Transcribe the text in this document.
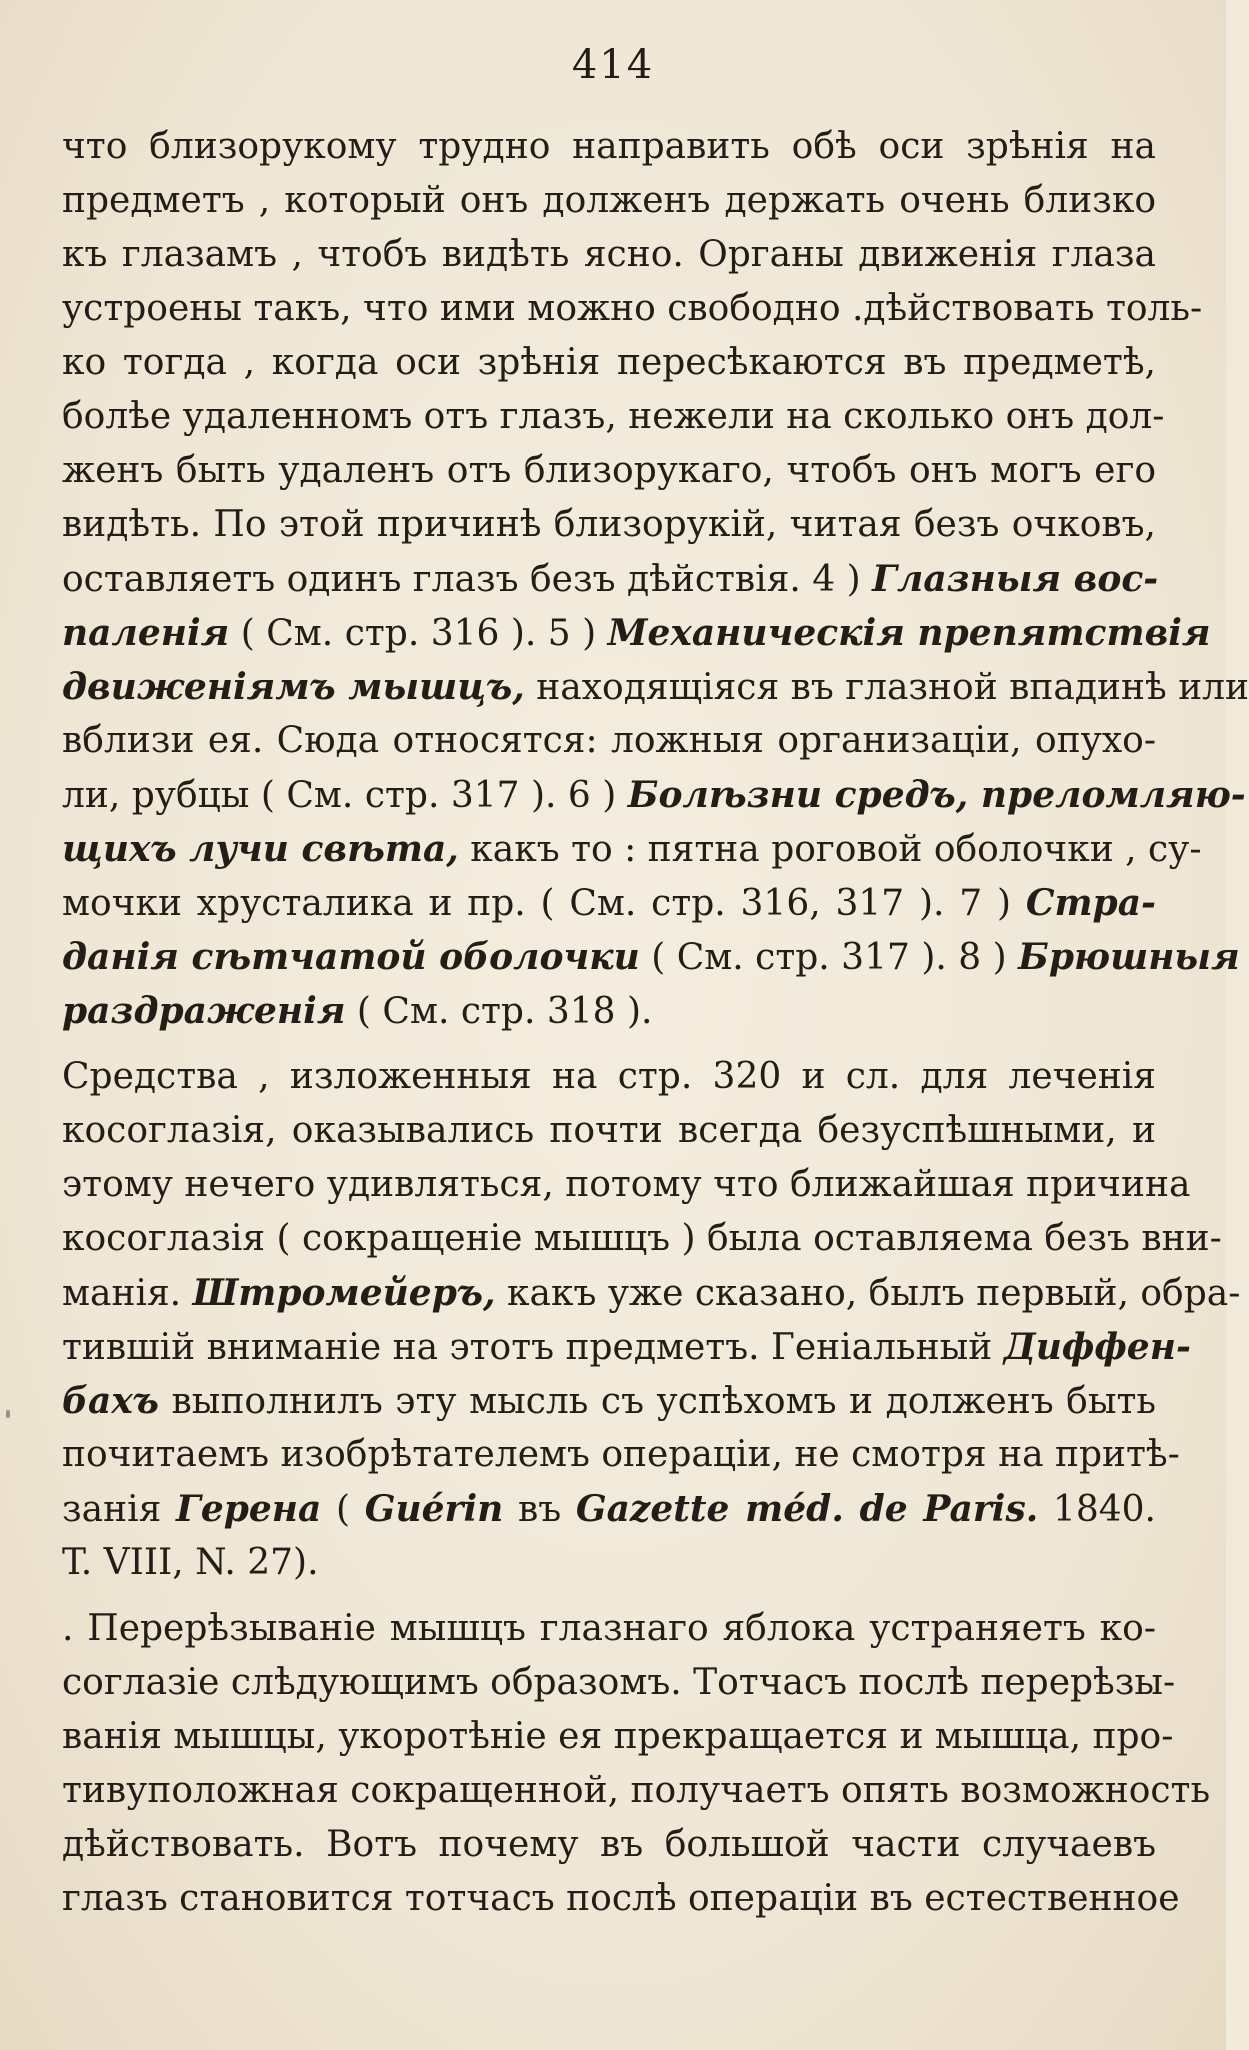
414
что близорукому трудно направить обѣ оси зрѣнія на
предметъ , который онъ долженъ держать очень близко
къ глазамъ , чтобъ видѣть ясно. Органы движенія глаза
устроены такъ, что ими можно свободно .дѣйствовать толь-
ко тогда , когда оси зрѣнія пересѣкаются въ предметѣ,
болѣе удаленномъ отъ глазъ, нежели на сколько онъ дол-
женъ быть удаленъ отъ близорукаго, чтобъ онъ могъ его
видѣть. По этой причинѣ близорукій, читая безъ очковъ,
оставляетъ одинъ глазъ безъ дѣйствія. 4 ) Глазныя вос-
паленія ( См. стр. 316 ). 5 ) Механическія препятствія
движеніямъ мышцъ, находящіяся въ глазной впадинѣ или
вблизи ея. Сюда относятся: ложныя организаціи, опухо-
ли, рубцы ( См. стр. 317 ). 6 ) Болѣзни средъ, преломляю-
щихъ лучи свѣта, какъ то : пятна роговой оболочки , су-
мочки хрусталика и пр. ( См. стр. 316, 317 ). 7 ) Стра-
данія сѣтчатой оболочки ( См. стр. 317 ). 8 ) Брюшныя
раздраженія ( См. стр. 318 ).
Средства , изложенныя на стр. 320 и сл. для леченія
косоглазія, оказывались почти всегда безуспѣшными, и
этому нечего удивляться, потому что ближайшая причина
косоглазія ( сокращеніе мышцъ ) была оставляема безъ вни-
манія. Штромейеръ, какъ уже сказано, былъ первый, обра-
тившій вниманіе на этотъ предметъ. Геніальный Диффен-
бахъ выполнилъ эту мысль съ успѣхомъ и долженъ быть
почитаемъ изобрѣтателемъ операціи, не смотря на притѣ-
занія Герена ( Guérin въ Gazette méd. de Paris. 1840.
T. VIII, N. 27).
. Перерѣзываніе мышцъ глазнаго яблока устраняетъ ко-
соглазіе слѣдующимъ образомъ. Тотчасъ послѣ перерѣзы-
ванія мышцы, укоротѣніе ея прекращается и мышца, про-
тивуположная сокращенной, получаетъ опять возможность
дѣйствовать. Вотъ почему въ большой части случаевъ
глазъ становится тотчасъ послѣ операціи въ естественное
